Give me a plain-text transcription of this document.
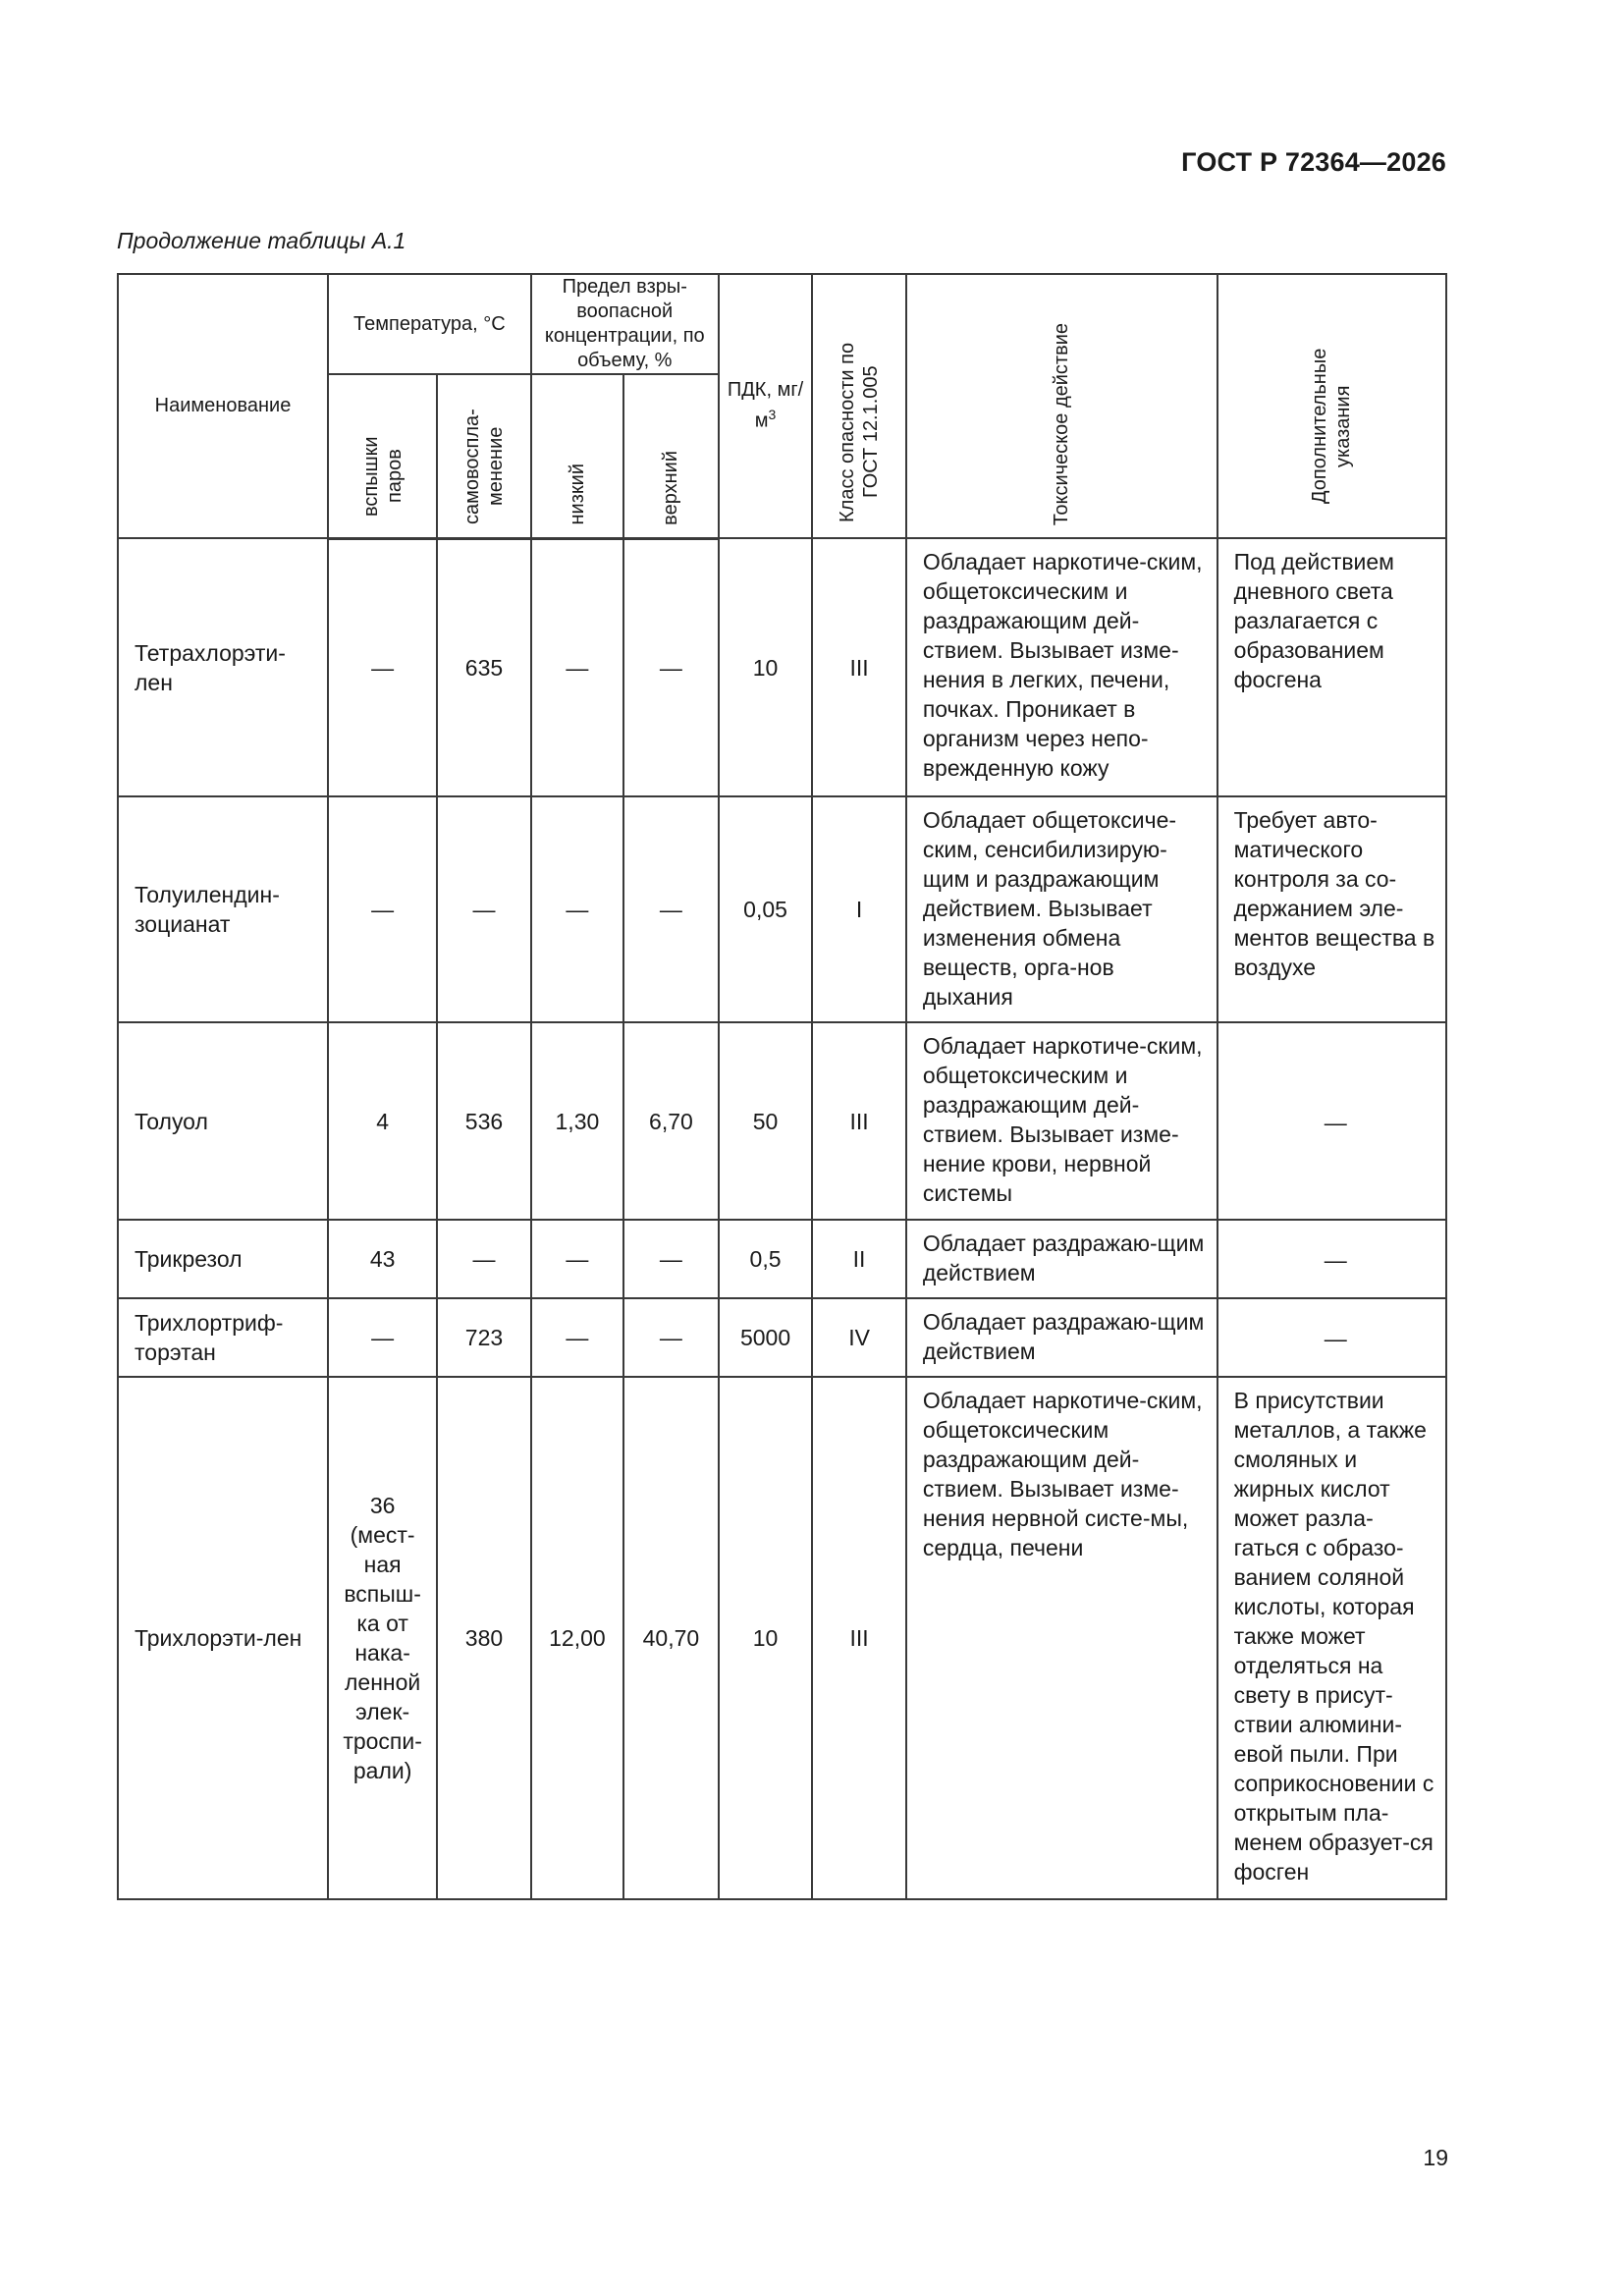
ГОСТ Р 72364—2026
Продолжение таблицы А.1
Наименование	Температура, °С		Предел взры-воопасной концентрации, по объему, %		ПДК, $мг/м^3$	Класс опасности по ГОСТ 12.1.005	Токсическое действие	Дополнительные указания

	вспышки паров	самовоспла-менение	низкий	верхний				

Тетрахлорэти-лен	—	635	—	—	10	III	Обладает наркотиче-ским, общетоксическим и раздражающим дей-ствием. Вызывает изме-нения в легких, печени, почках. Проникает в организм через непо-врежденную кожу	Под действием дневного света разлагается с образованием фосгена
Толуилендин-зоцианат	—	—	—	—	0,05	I	Обладает общетоксиче-ским, сенсибилизирую-щим и раздражающим действием. Вызывает изменения обмена веществ, орга-нов дыхания	Требует авто-матического контроля за со-держанием эле-ментов вещества в воздухе
Толуол	4	536	1,30	6,70	50	III	Обладает наркотиче-ским, общетоксическим и раздражающим дей-ствием. Вызывает изме-нение крови, нервной системы	—
Трикрезол	43	—	—	—	0,5	II	Обладает раздражаю-щим действием	—
Трихлортриф-торэтан	—	723	—	—	5000	IV	Обладает раздражаю-щим действием	—
Трихлорэти-лен	36 (мест-ная вспыш-ка от нака-ленной элек-троспи-рали)	380	12,00	40,70	10	III	Обладает наркотиче-ским, общетоксическим раздражающим дей-ствием. Вызывает изме-нения нервной систе-мы, сердца, печени	В присутствии металлов, а также смоляных и жирных кислот может разла-гаться с образо-ванием соляной кислоты, которая также может отделяться на свету в присут-ствии алюмини-евой пыли. При соприкосновении с открытым пла-менем образует-ся фосген
19
